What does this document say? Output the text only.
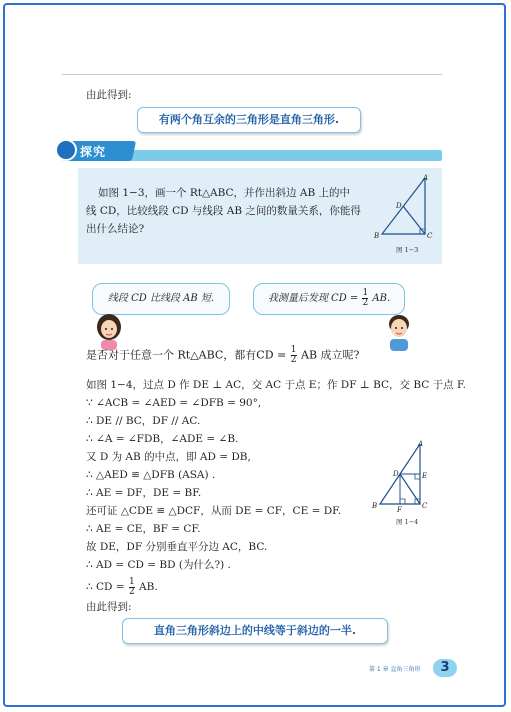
由此得到:
有两个角互余的三角形是直角三角形.
探究
如图 1−3，画一个 Rt△ABC，并作出斜边 AB 上的中
线 CD，比较线段 CD 与线段 AB 之间的数量关系，你能得
出什么结论?
A
B	C
D
图 1−3
线段 CD 比线段 AB 短.	我测量后发现 CD = $\frac{1}{2}$ AB.
是否对于任意一个 Rt△ABC，都有CD = $\frac{1}{2}$ AB 成立呢?
如图 1−4，过点 D 作 DE ⊥ AC，交 AC 于点 E；作 DF ⊥ BC，交 BC 于点 F.
∵ ∠ACB = ∠AED = ∠DFB = 90°,
∴ DE // BC，DF // AC.
∴ ∠A = ∠FDB，∠ADE = ∠B.
又 D 为 AB 的中点，即 AD = DB,
∴ △AED ≌ △DFB (ASA) .
∴ AE = DF，DE = BF.
还可证 △CDE ≌ △DCF，从而 DE = CF，CE = DF.
∴ AE = CE，BF = CF.
故 DE，DF 分别垂直平分边 AC，BC.
∴ AD = CD = BD (为什么?) .
∴ CD = $\frac{1}{2}$ AB.
由此得到:
直角三角形斜边上的中线等于斜边的一半.
A
B	C
D	E
F
图 1−4
第 1 章 直角三角形	3
